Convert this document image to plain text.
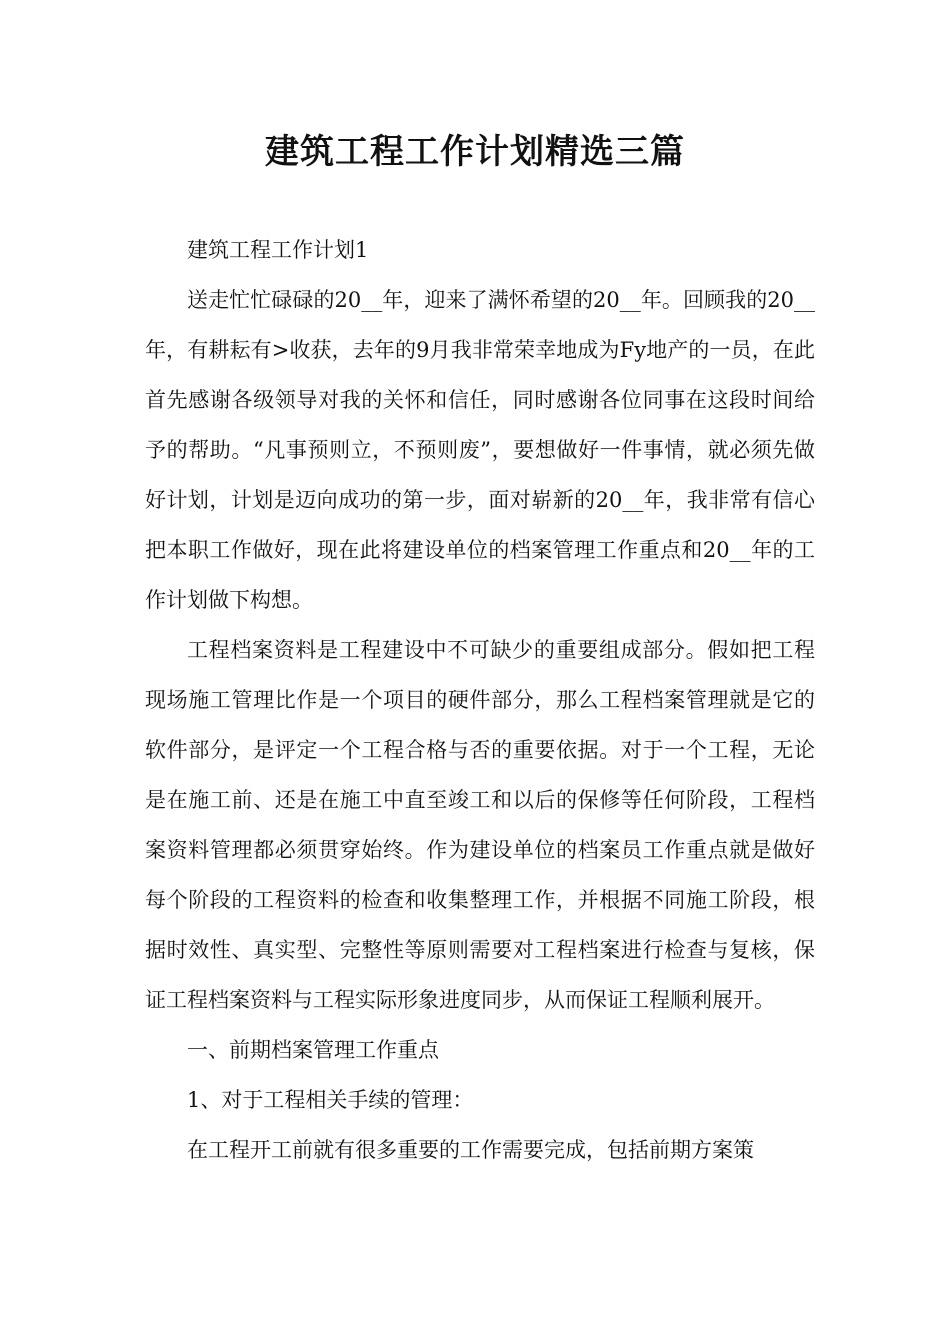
建筑工程工作计划精选三篇

建筑工程工作计划1

送走忙忙碌碌的20__年，迎来了满怀希望的20__年。回顾我的20__年，有耕耘有>收获，去年的9月我非常荣幸地成为Fy地产的一员，在此首先感谢各级领导对我的关怀和信任，同时感谢各位同事在这段时间给予的帮助。“凡事预则立，不预则废”，要想做好一件事情，就必须先做好计划，计划是迈向成功的第一步，面对崭新的20__年，我非常有信心把本职工作做好，现在此将建设单位的档案管理工作重点和20__年的工作计划做下构想。

工程档案资料是工程建设中不可缺少的重要组成部分。假如把工程现场施工管理比作是一个项目的硬件部分，那么工程档案管理就是它的软件部分，是评定一个工程合格与否的重要依据。对于一个工程，无论是在施工前、还是在施工中直至竣工和以后的保修等任何阶段，工程档案资料管理都必须贯穿始终。作为建设单位的档案员工作重点就是做好每个阶段的工程资料的检查和收集整理工作，并根据不同施工阶段，根据时效性、真实型、完整性等原则需要对工程档案进行检查与复核，保证工程档案资料与工程实际形象进度同步，从而保证工程顺利展开。

一、前期档案管理工作重点

1、对于工程相关手续的管理：

在工程开工前就有很多重要的工作需要完成，包括前期方案策
